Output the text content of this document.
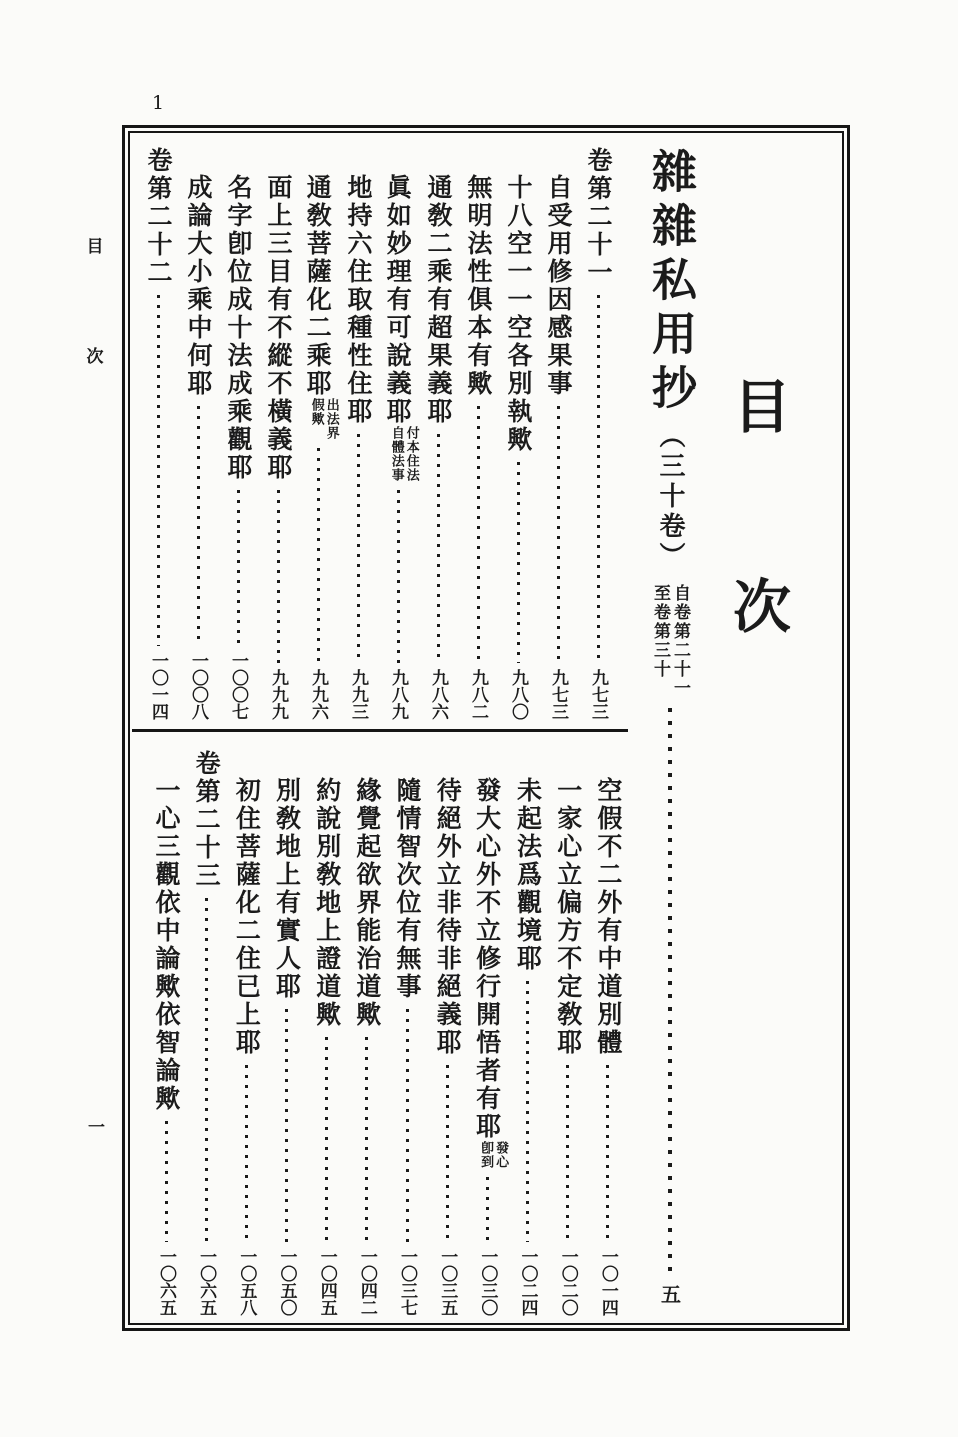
1
目
次
一
目
次
雜雜私用抄
（三十卷）
自卷第二十一
至卷第三十
五
卷第二十一
九七三
自受用修因感果事
九七三
十八空一一空各別執歟
九八〇
無明法性俱本有歟
九八二
通敎二乘有超果義耶
九八六
眞如妙理有可說義耶
付本住法
自體法事
九八九
地持六住取種性住耶
九九三
通敎菩薩化二乘耶
出法界
假歟
九九六
面上三目有不縱不橫義耶
九九九
名字卽位成十法成乘觀耶
一〇〇七
成論大小乘中何耶
一〇〇八
卷第二十二
一〇一四
空假不二外有中道別體
一〇一四
一家心立偏方不定敎耶
一〇二〇
未起法爲觀境耶
一〇二四
發大心外不立修行開悟者有耶
發心
卽到
一〇三〇
待絕外立非待非絕義耶
一〇三五
隨情智次位有無事
一〇三七
緣覺起欲界能治道歟
一〇四二
約說別敎地上證道歟
一〇四五
別敎地上有實人耶
一〇五〇
初住菩薩化二住已上耶
一〇五八
卷第二十三
一〇六五
一心三觀依中論歟依智論歟
一〇六五
